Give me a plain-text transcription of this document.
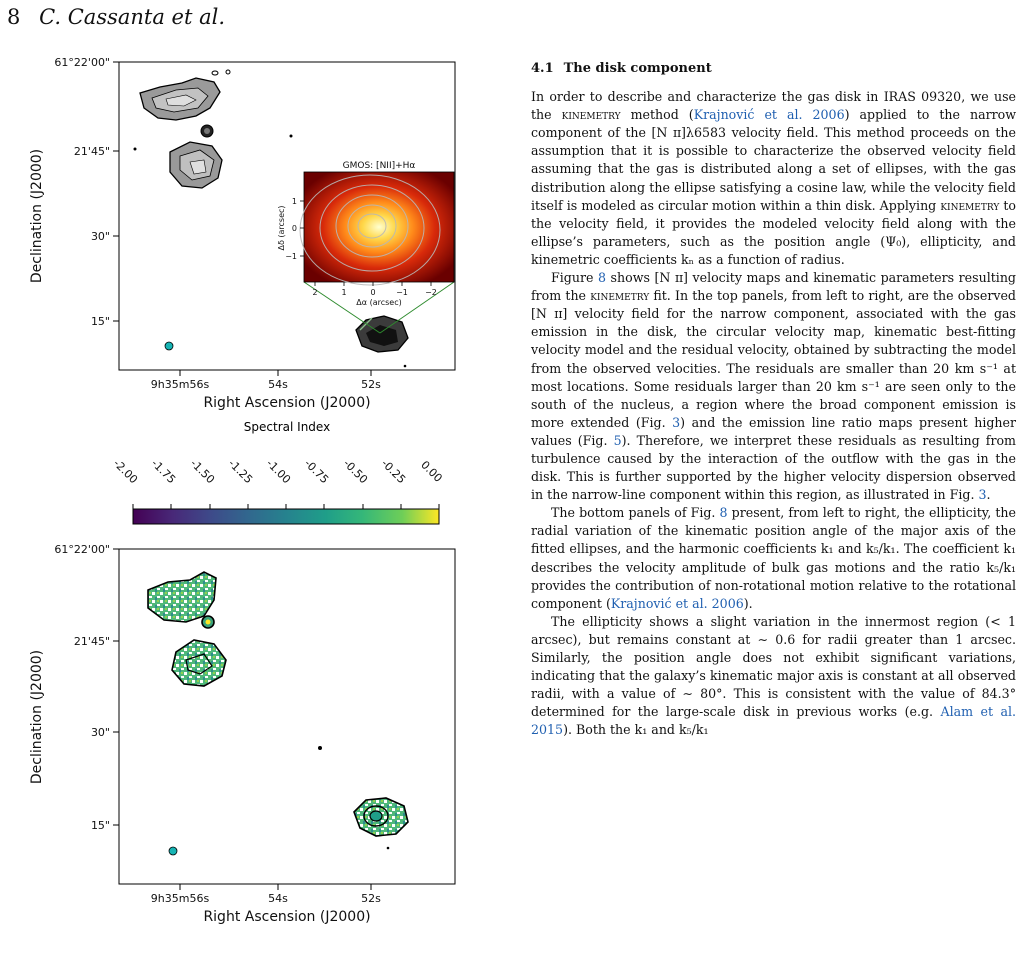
8 C. Cassanta et al.
61°22'00"
21'45"
30"
15"
9h35m56s	54s	52s
Right Ascension (J2000)
Declination (J2000)	GMOS: [NII]+Hα
1
0
−1
2	1	0	−1 −2
Δα (arcsec)
Δδ (arcsec)
Spectral Index
-2.00 -1.75 -1.50 -1.25 -1.00 -0.75 -0.50 -0.25 0.00
61°22'00"
21'45"
30"
15"
9h35m56s	54s	52s
Right Ascension (J2000)
Declination (J2000)
4.1 The disk component

In order to describe and characterize the gas disk in IRAS 09320, we use the kinemetry method (Krajnović et al. 2006) applied to the narrow component of the [N ɪɪ]λ6583 velocity field. This method proceeds on the assumption that it is possible to characterize the observed velocity field assuming that the gas is distributed along a set of ellipses, with the gas distribution along the ellipse satisfying a cosine law, while the velocity field itself is modeled as circular motion within a thin disk. Applying kinemetry to the velocity field, it provides the modeled velocity field along with the ellipse’s parameters, such as the position angle (Ψ₀), ellipticity, and kinemetric coefficients kₙ as a function of radius.

Figure 8 shows [N ɪɪ] velocity maps and kinematic parameters resulting from the kinemetry fit. In the top panels, from left to right, are the observed [N ɪɪ] velocity field for the narrow component, associated with the gas emission in the disk, the circular velocity map, kinematic best-fitting velocity model and the residual velocity, obtained by subtracting the model from the observed velocities. The residuals are smaller than 20 km s⁻¹ at most locations. Some residuals larger than 20 km s⁻¹ are seen only to the south of the nucleus, a region where the broad component emission is more extended (Fig. 3) and the emission line ratio maps present higher values (Fig. 5). Therefore, we interpret these residuals as resulting from turbulence caused by the interaction of the outflow with the gas in the disk. This is further supported by the higher velocity dispersion observed in the narrow-line component within this region, as illustrated in Fig. 3.

The bottom panels of Fig. 8 present, from left to right, the ellipticity, the radial variation of the kinematic position angle of the major axis of the fitted ellipses, and the harmonic coefficients k₁ and k₅/k₁. The coefficient k₁ describes the velocity amplitude of bulk gas motions and the ratio k₅/k₁ provides the contribution of non-rotational motion relative to the rotational component (Krajnović et al. 2006).

The ellipticity shows a slight variation in the innermost region (< 1 arcsec), but remains constant at ∼ 0.6 for radii greater than 1 arcsec. Similarly, the position angle does not exhibit significant variations, indicating that the galaxy’s kinematic major axis is constant at all observed radii, with a value of ∼ 80°. This is consistent with the value of 84.3° determined for the large-scale disk in previous works (e.g. Alam et al. 2015). Both the k₁ and k₅/k₁
